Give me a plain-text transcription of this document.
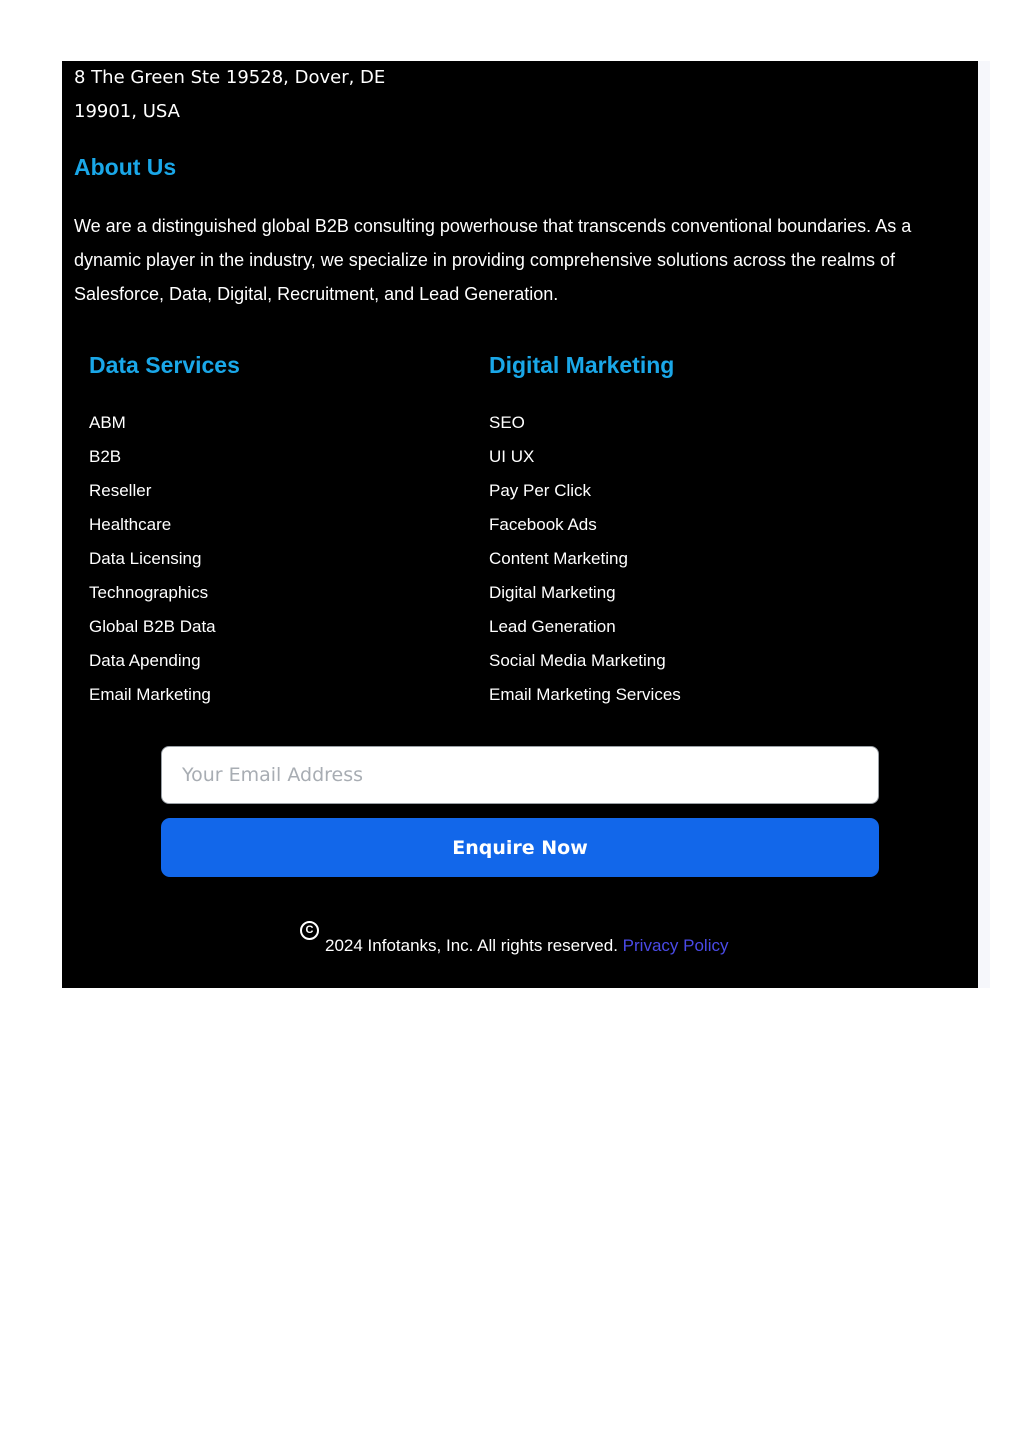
8 The Green Ste 19528, Dover, DE
19901, USA

About Us

We are a distinguished global B2B consulting powerhouse that transcends conventional boundaries. As a dynamic player in the industry, we specialize in providing comprehensive solutions across the realms of Salesforce, Data, Digital, Recruitment, and Lead Generation.

Data Services
ABM
B2B
Reseller
Healthcare
Data Licensing
Technographics
Global B2B Data
Data Apending
Email Marketing
Digital Marketing
SEO
UI UX
Pay Per Click
Facebook Ads
Content Marketing
Digital Marketing
Lead Generation
Social Media Marketing
Email Marketing Services
Your Email Address
Enquire Now
C
2024 Infotanks, Inc. All rights reserved. Privacy Policy
